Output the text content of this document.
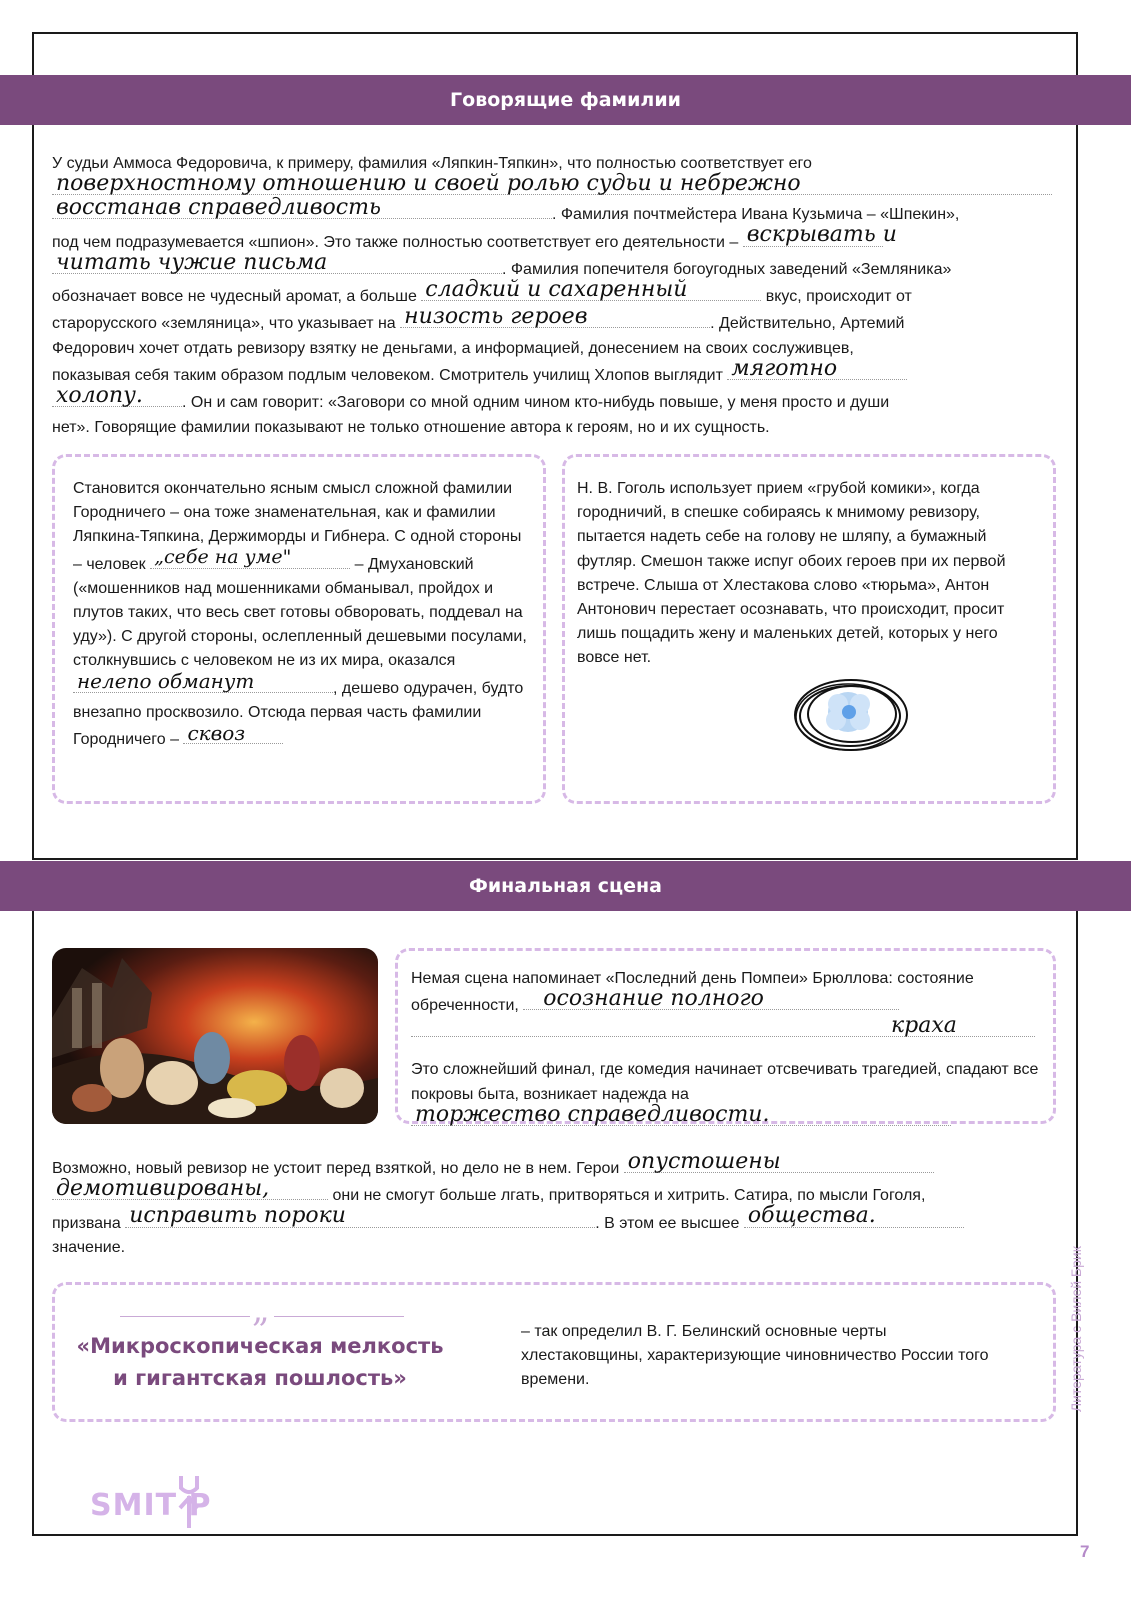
Говорящие фамилии

У судьи Аммоса Федоровича, к примеру, фамилия «Ляпкин-Тяпкин», что полностью соответствует его

поверхностному отношению и своей ролью судьи и небрежно

восстанав справедливость	. Фамилия почтмейстера Ивана Кузьмича – «Шпекин»,

под чем подразумевается «шпион». Это также полностью соответствует его деятельности – вскрывать и

читать чужие письма	. Фамилия попечителя богоугодных заведений «Земляника»

обозначает вовсе не чудесный аромат, а больше сладкий и сахаренный	вкус, происходит от

старорусского «земляница», что указывает на низость героев	. Действительно, Артемий

Федорович хочет отдать ревизору взятку не деньгами, а информацией, донесением на своих сослуживцев,

показывая себя таким образом подлым человеком. Смотритель училищ Хлопов выглядит мяготно

холопу. . Он и сам говорит: «Заговори со мной одним чином кто-нибудь повыше, у меня просто и души

нет». Говорящие фамилии показывают не только отношение автора к героям, но и их сущность.

Становится окончательно ясным смысл сложной фамилии Городничего – она тоже знаменательная, как и фамилии Ляпкина-Тяпкина, Держиморды и Гибнера. С одной стороны – человек „себе на уме"	– Дмухановский («мошенников над мошенниками обманывал, пройдох и плутов таких, что весь свет готовы обворовать, поддевал на уду»). С другой стороны, ослепленный дешевыми посулами, столкнувшись с человеком не из их мира, оказался
нелепо обманут	, дешево одурачен, будто внезапно просквозило. Отсюда первая часть фамилии Городничего – сквоз
Н. В. Гоголь использует прием «грубой комики», когда городничий, в спешке собираясь к мнимому ревизору, пытается надеть себе на голову не шляпу, а бумажный футляр. Смешон также испуг обоих героев при их первой встрече. Слыша от Хлестакова слово «тюрьма», Антон Антонович перестает осознавать, что происходит, просит лишь пощадить жену и маленьких детей, которых у него вовсе нет.
Финальная сцена
Немая сцена напоминает «Последний день Помпеи» Брюллова: состояние обреченности, осознание полного
краха
Это сложнейший финал, где комедия начинает отсвечивать трагедией, спадают все покровы быта, возникает надежда на
торжество справедливости.

Возможно, новый ревизор не устоит перед взяткой, но дело не в нем. Герои опустошены

демотивированы,	они не смогут больше лгать, притворяться и хитрить. Сатира, по мысли Гоголя,

призвана исправить пороки	. В этом ее высшее общества.

значение.

„
«Микроскопическая мелкость
и гигантская пошлость»
– так определил В. Г. Белинский основные черты хлестаковщины, характеризующие чиновничество России того времени.	Литература с Вилей Брик
SMIT P
7
